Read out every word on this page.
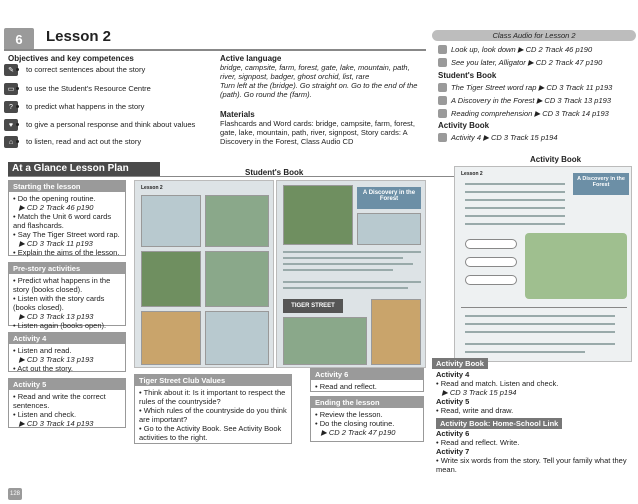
6 Lesson 2
Objectives and key competences
✎	to correct sentences about the story
▭	to use the Student's Resource Centre
?	to predict what happens in the story
♥	to give a personal response and think about values
⌂	to listen, read and act out the story
Active language
bridge, campsite, farm, forest, gate, lake, mountain, path, river, signpost, badger, ghost orchid, list, rare
Turn left at the (bridge). Go straight on. Go to the end of the (path). Go round the (farm).
Materials
Flashcards and Word cards: bridge, campsite, farm, forest, gate, lake, mountain, path, river, signpost, Story cards: A Discovery in the Forest, Class Audio CD
Class Audio for Lesson 2
Look up, look down ▶ CD 2 Track 46 p190
See you later, Alligator ▶ CD 2 Track 47 p190
Student's Book
The Tiger Street word rap ▶ CD 3 Track 11 p193
A Discovery in the Forest ▶ CD 3 Track 13 p193
Reading comprehension ▶ CD 3 Track 14 p193
Activity Book
Activity 4 ▶ CD 3 Track 15 p194
At a Glance Lesson Plan	Student's Book
Activity Book
Starting the lesson
• Do the opening routine.
▶ CD 2 Track 46 p190
• Match the Unit 6 word cards and flashcards.
• Say The Tiger Street word rap.
▶ CD 3 Track 11 p193
• Explain the aims of the lesson.
Pre-story activities
• Predict what happens in the story (books closed).
• Listen with the story cards (books closed).
▶ CD 3 Track 13 p193
• Listen again (books open).
Activity 4
• Listen and read.
▶ CD 3 Track 13 p193
• Act out the story.
Activity 5
• Read and write the correct sentences.
• Listen and check.
▶ CD 3 Track 14 p193
Lesson 2
A Discovery in the Forest
TIGER STREET
Tiger Street Club Values
• Think about it: Is it important to respect the rules of the countryside?
• Which rules of the countryside do you think are important?
• Go to the Activity Book. See Activity Book activities to the right.
Activity 6
• Read and reflect.
Ending the lesson
• Review the lesson.
• Do the closing routine.
▶ CD 2 Track 47 p190
Lesson 2
A Discovery in the Forest
Activity Book
Activity 4
• Read and match. Listen and check.
▶ CD 3 Track 15 p194
Activity 5
• Read, write and draw.
Activity Book: Home-School Link
Activity 6
• Read and reflect. Write.
Activity 7
• Write six words from the story. Tell your family what they mean.
128
